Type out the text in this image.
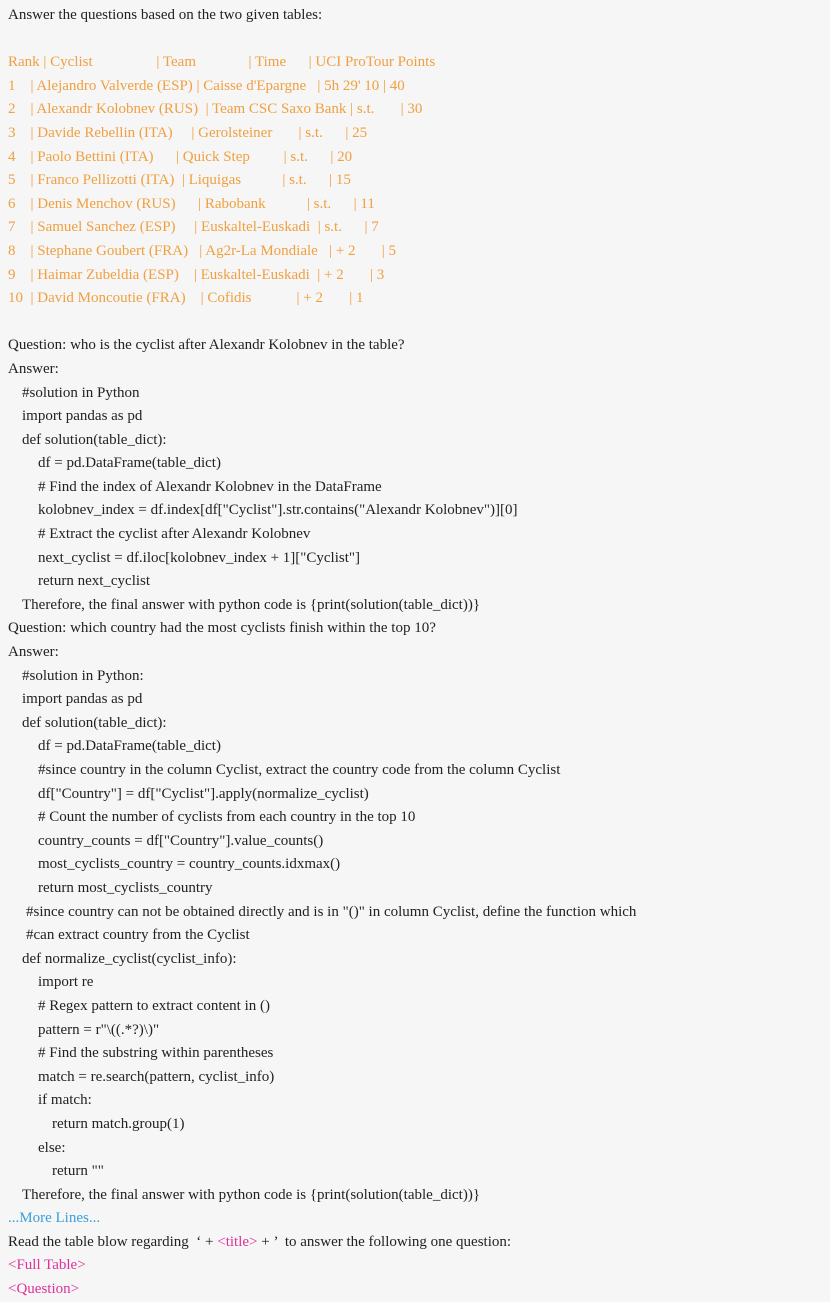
Answer the questions based on the two given tables:

Rank | Cyclist                 | Team              | Time      | UCI ProTour Points

1    | Alejandro Valverde (ESP) | Caisse d'Epargne   | 5h 29' 10 | 40

2    | Alexandr Kolobnev (RUS)  | Team CSC Saxo Bank | s.t.       | 30

3    | Davide Rebellin (ITA)     | Gerolsteiner       | s.t.      | 25

4    | Paolo Bettini (ITA)      | Quick Step         | s.t.      | 20

5    | Franco Pellizotti (ITA)  | Liquigas           | s.t.      | 15

6    | Denis Menchov (RUS)      | Rabobank           | s.t.      | 11

7    | Samuel Sanchez (ESP)     | Euskaltel-Euskadi  | s.t.      | 7

8    | Stephane Goubert (FRA)   | Ag2r-La Mondiale   | + 2       | 5

9    | Haimar Zubeldia (ESP)    | Euskaltel-Euskadi  | + 2       | 3

10  | David Moncoutie (FRA)    | Cofidis            | + 2       | 1

Question: who is the cyclist after Alexandr Kolobnev in the table?

Answer:

#solution in Python

import pandas as pd

def solution(table_dict):

df = pd.DataFrame(table_dict)

# Find the index of Alexandr Kolobnev in the DataFrame

kolobnev_index = df.index[df["Cyclist"].str.contains("Alexandr Kolobnev")][0]

# Extract the cyclist after Alexandr Kolobnev

next_cyclist = df.iloc[kolobnev_index + 1]["Cyclist"]

return next_cyclist

Therefore, the final answer with python code is {print(solution(table_dict))}

Question: which country had the most cyclists finish within the top 10?

Answer:

#solution in Python:

import pandas as pd

def solution(table_dict):

df = pd.DataFrame(table_dict)

#since country in the column Cyclist, extract the country code from the column Cyclist

df["Country"] = df["Cyclist"].apply(normalize_cyclist)

# Count the number of cyclists from each country in the top 10

country_counts = df["Country"].value_counts()

most_cyclists_country = country_counts.idxmax()

return most_cyclists_country

#since country can not be obtained directly and is in "()" in column Cyclist, define the function which

#can extract country from the Cyclist

def normalize_cyclist(cyclist_info):

import re

# Regex pattern to extract content in ()

pattern = r"\((.*?)\)"

# Find the substring within parentheses

match = re.search(pattern, cyclist_info)

if match:

return match.group(1)

else:

return ""

Therefore, the final answer with python code is {print(solution(table_dict))}

...More Lines...

Read the table blow regarding  ‘ + <title> + ’  to answer the following one question:

<Full Table>

<Question>
